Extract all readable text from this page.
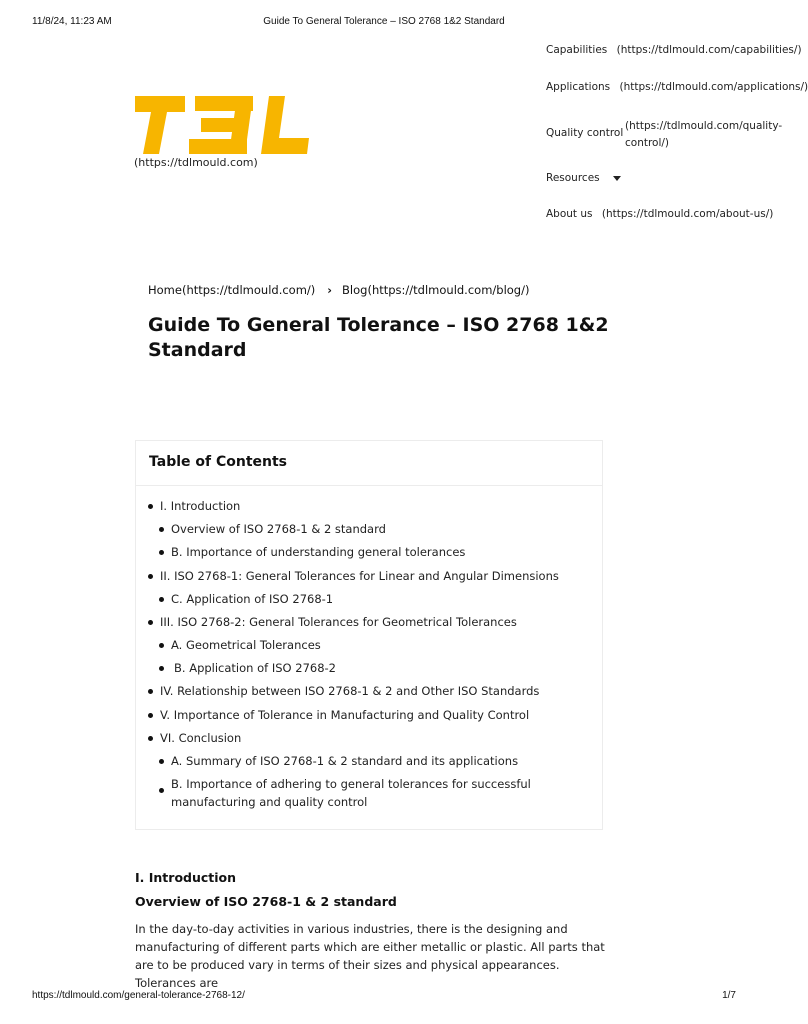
11/8/24, 11:23 AM	Guide To General Tolerance – ISO 2768 1&2 Standard
(https://tdlmould.com)
Capabilities (https://tdlmould.com/capabilities/)
Applications (https://tdlmould.com/applications/)
Quality control
(https://tdlmould.com/quality-
control/)
Resources
About us (https://tdlmould.com/about-us/)
Home(https://tdlmould.com/) › Blog(https://tdlmould.com/blog/)
Guide To General Tolerance – ISO 2768 1&2 Standard
Table of Contents
I. Introduction
Overview of ISO 2768-1 & 2 standard
B. Importance of understanding general tolerances
II. ISO 2768-1: General Tolerances for Linear and Angular Dimensions
C. Application of ISO 2768-1
III. ISO 2768-2: General Tolerances for Geometrical Tolerances
A. Geometrical Tolerances
B. Application of ISO 2768-2
IV. Relationship between ISO 2768-1 & 2 and Other ISO Standards
V. Importance of Tolerance in Manufacturing and Quality Control
VI. Conclusion
A. Summary of ISO 2768-1 & 2 standard and its applications
B. Importance of adhering to general tolerances for successful
manufacturing and quality control
I. Introduction
Overview of ISO 2768-1 & 2 standard

In the day-to-day activities in various industries, there is the designing and manufacturing of different parts which are either metallic or plastic. All parts that are to be produced vary in terms of their sizes and physical appearances. Tolerances are

https://tdlmould.com/general-tolerance-2768-12/	1/7
